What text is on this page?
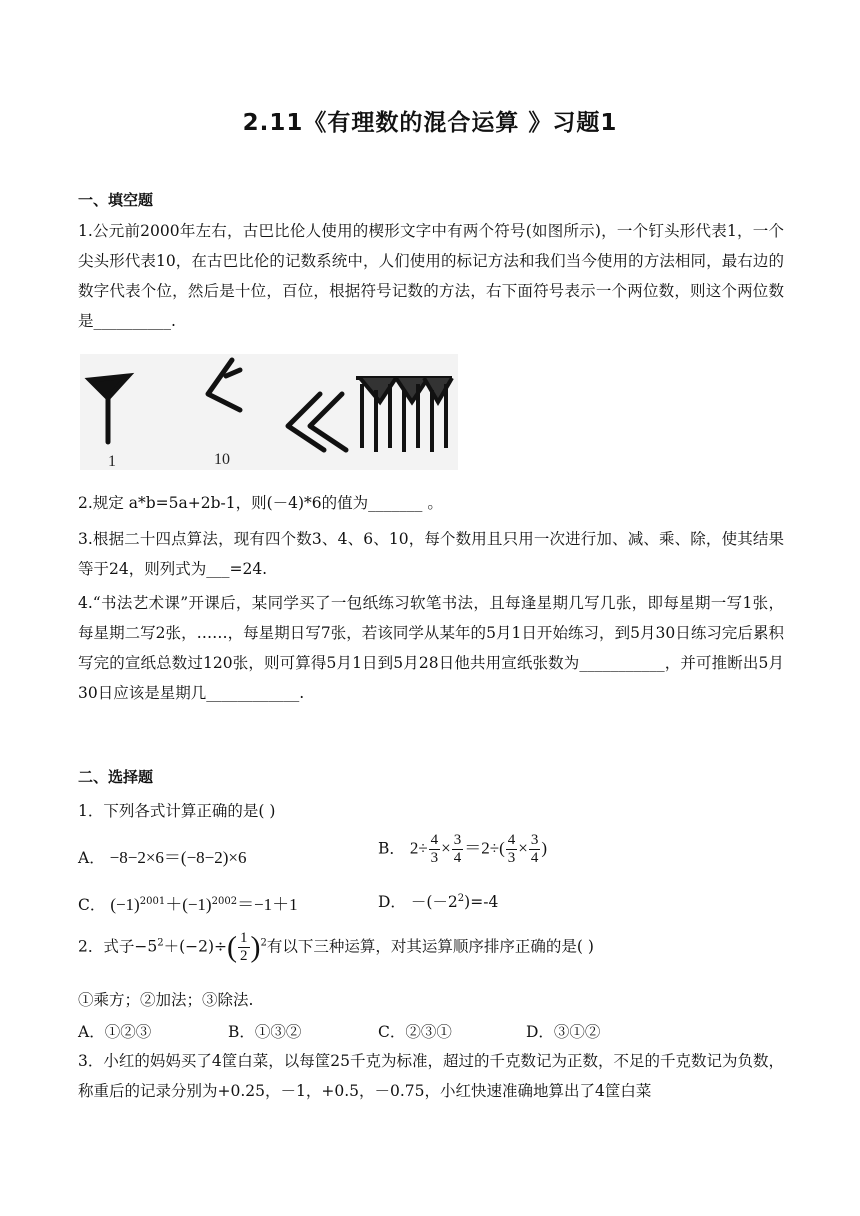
2.11《有理数的混合运算 》习题1
一、填空题
1.公元前2000年左右，古巴比伦人使用的楔形文字中有两个符号(如图所示)，一个钉头形代表1，一个尖头形代表10，在古巴比伦的记数系统中，人们使用的标记方法和我们当今使用的方法相同，最右边的数字代表个位，然后是十位，百位，根据符号记数的方法，右下面符号表示一个两位数，则这个两位数是__________.
1	10
2.规定 a*b=5a+2b-1，则(－4)*6的值为_______ 。
3.根据二十四点算法，现有四个数3、4、6、10，每个数用且只用一次进行加、减、乘、除，使其结果等于24，则列式为___=24.
4.“书法艺术课”开课后，某同学买了一包纸练习软笔书法，且每逢星期几写几张，即每星期一写1张，每星期二写2张，……，每星期日写7张，若该同学从某年的5月1日开始练习，到5月30日练习完后累积写完的宣纸总数过120张，则可算得5月1日到5月28日他共用宣纸张数为___________，并可推断出5月30日应该是星期几____________.
二、选择题
1．下列各式计算正确的是( )
A． −8−2×6＝(−8−2)×6	B． $2\div \frac{4}{3} \times \frac{3}{4} =2\div( \frac{4}{3} \times \frac{3}{4}$ )
C． $(-1)^{2001}+(-1)^{2002}=-1+1$	D． $-(-2^2)=-4$
2．式子$-5^2+(-2)\div( \frac{1}{2} )^2$有以下三种运算，对其运算顺序排序正确的是( )
①乘方；②加法；③除法.
A．①②③	B．①③②	C．②③①	D．③①②
3．小红的妈妈买了4筐白菜，以每筐25千克为标准，超过的千克数记为正数，不足的千克数记为负数，称重后的记录分别为+0.25，－1，+0.5，－0.75，小红快速准确地算出了4筐白菜
